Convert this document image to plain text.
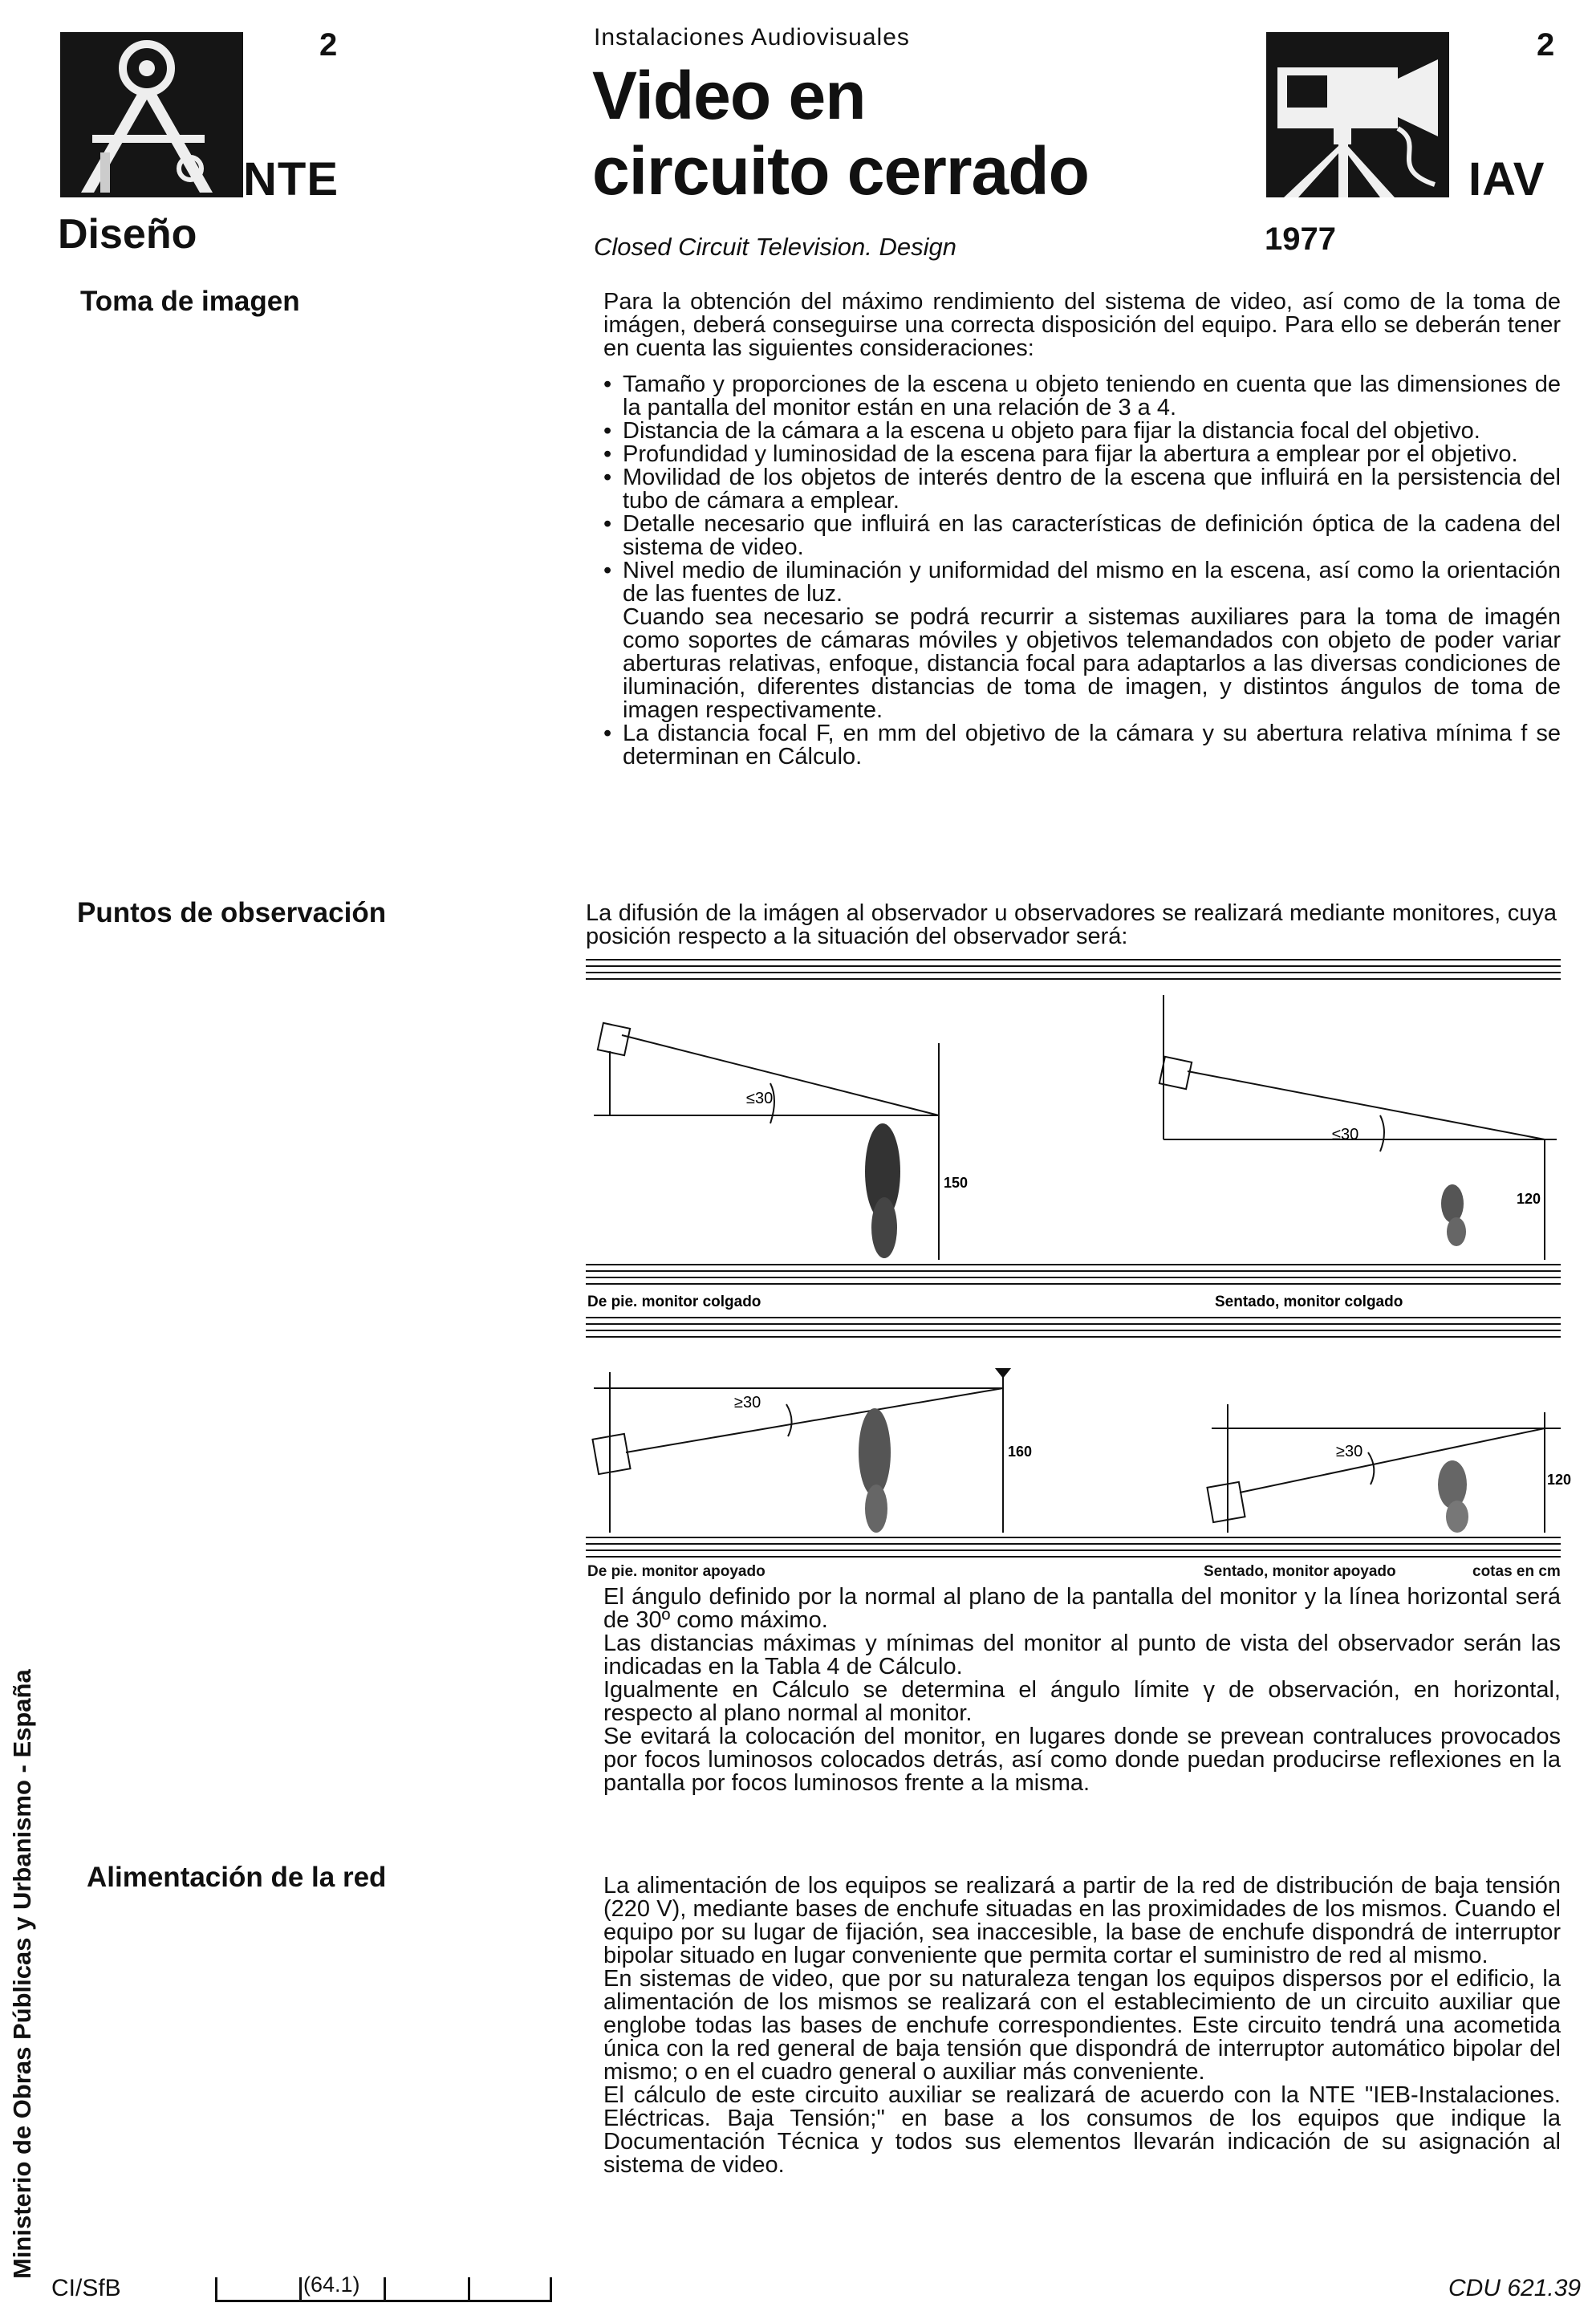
2
NTE
Diseño
Instalaciones Audiovisuales
Video en
circuito cerrado
Closed Circuit Television. Design
2
IAV
1977
Toma de imagen
Puntos de observación
Alimentación de la red

Para la obtención del máximo rendimiento del sistema de video, así como de la toma de imágen, deberá conseguirse una correcta disposición del equipo. Para ello se deberán tener en cuenta las siguientes consideraciones:

• Tamaño y proporciones de la escena u objeto teniendo en cuenta que las dimensiones de la pantalla del monitor están en una relación de 3 a 4.
• Distancia de la cámara a la escena u objeto para fijar la distancia focal del objetivo.
• Profundidad y luminosidad de la escena para fijar la abertura a emplear por el objetivo.
• Movilidad de los objetos de interés dentro de la escena que influirá en la persistencia del tubo de cámara a emplear.
• Detalle necesario que influirá en las características de definición óptica de la cadena del sistema de video.
• Nivel medio de iluminación y uniformidad del mismo en la escena, así como la orientación de las fuentes de luz.
Cuando sea necesario se podrá recurrir a sistemas auxiliares para la toma de imagén como soportes de cámaras móviles y objetivos telemandados con objeto de poder variar aberturas relativas, enfoque, distancia focal para adaptarlos a las diversas condiciones de iluminación, diferentes distancias de toma de imagen, y distintos ángulos de toma de imagen respectivamente.
• La distancia focal F, en mm del objetivo de la cámara y su abertura relativa mínima f se determinan en Cálculo.
La difusión de la imágen al observador u observadores se realizará mediante monitores, cuya posición respecto a la situación del observador será:
≤30
150
≤30
120
De pie. monitor colgado	Sentado, monitor colgado
≥30
160	≥30
120
De pie. monitor apoyado	Sentado, monitor apoyado	cotas en cm

El ángulo definido por la normal al plano de la pantalla del monitor y la línea horizontal será de 30º como máximo.

Las distancias máximas y mínimas del monitor al punto de vista del observador serán las indicadas en la Tabla 4 de Cálculo.

Igualmente en Cálculo se determina el ángulo límite γ de observación, en horizontal, respecto al plano normal al monitor.

Se evitará la colocación del monitor, en lugares donde se prevean contraluces provocados por focos luminosos colocados detrás, así como donde puedan producirse reflexiones en la pantalla por focos luminosos frente a la misma.

La alimentación de los equipos se realizará a partir de la red de distribución de baja tensión (220 V), mediante bases de enchufe situadas en las proximidades de los mismos. Cuando el equipo por su lugar de fijación, sea inaccesible, la base de enchufe dispondrá de interruptor bipolar situado en lugar conveniente que permita cortar el suministro de red al mismo.

En sistemas de video, que por su naturaleza tengan los equipos dispersos por el edificio, la alimentación de los mismos se realizará con el establecimiento de un circuito auxiliar que englobe todas las bases de enchufe correspondientes. Este circuito tendrá una acometida única con la red general de baja tensión que dispondrá de interruptor automático bipolar del mismo; o en el cuadro general o auxiliar más conveniente.

El cálculo de este circuito auxiliar se realizará de acuerdo con la NTE "IEB-Instalaciones. Eléctricas. Baja Tensión;" en base a los consumos de los equipos que indique la Documentación Técnica y todos sus elementos llevarán indicación de su asignación al sistema de video.

Ministerio de Obras Públicas y Urbanismo - España
CI/SfB	(64.1)	CDU 621.39
